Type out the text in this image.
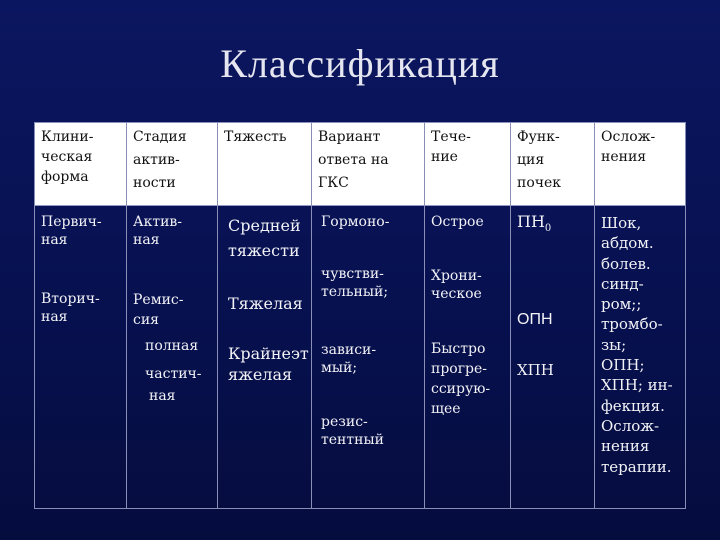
Классификация
Клини-
ческая
форма
Стадия
актив-
ности
Тяжесть	Вариант
ответа на
ГКС
Тече-
ние
Функ-
ция
почек
Ослож-
нения
Первич-
ная
Вторич-
ная
Актив-
ная
Ремис-
сия
полная
частич-
ная
Средней
тяжести
Тяжелая
Крайнеэт
яжелая
Гормоно-
чувстви-
тельный;
зависи-
мый;
резис-
тентный
Острое
Хрони-
ческое
Быстро
прогре-
ссирую-
щее
$ПН_0$
ОПН
ХПН
Шок,
абдом.
болев.
синд-
ром;;
тромбо-
зы;
ОПН;
ХПН; ин-
фекция.
Ослож-
нения
терапии.
